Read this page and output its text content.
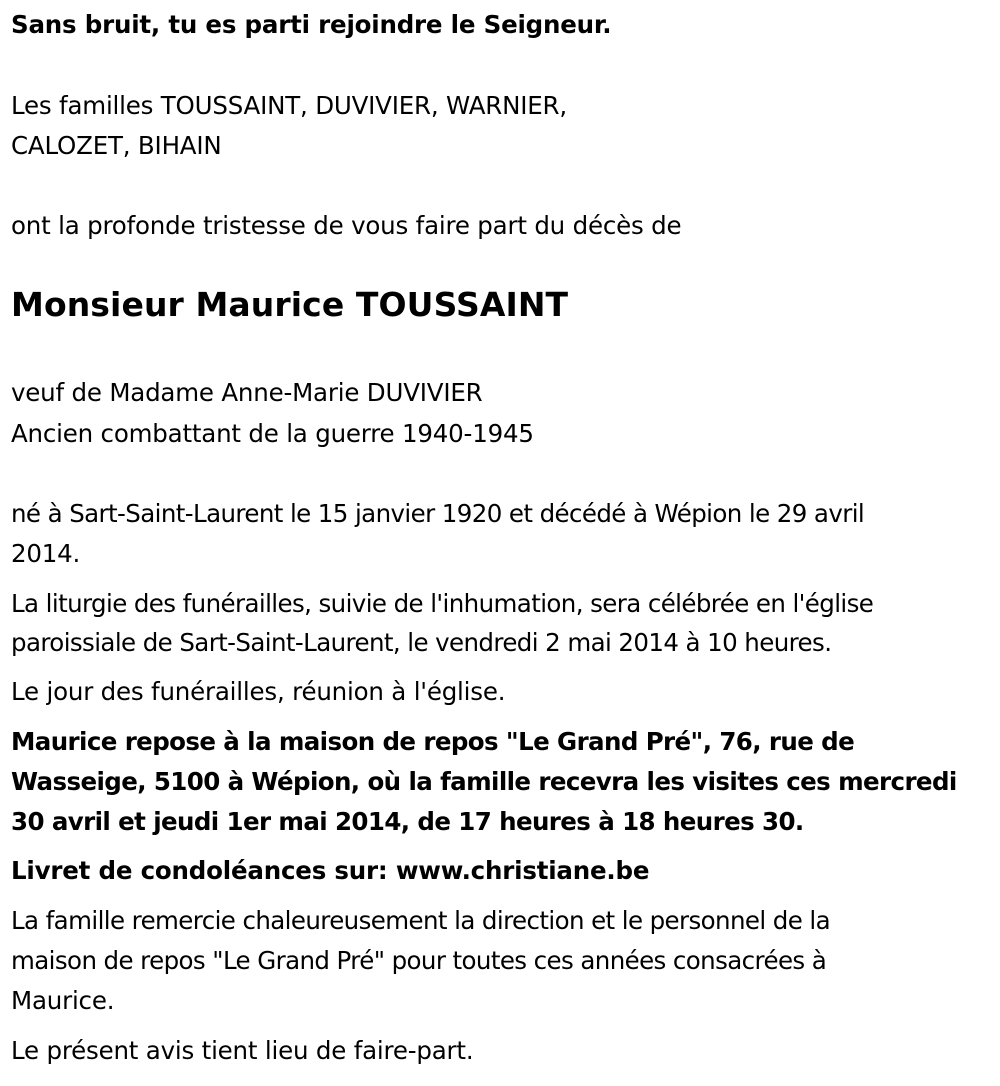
Sans bruit, tu es parti rejoindre le Seigneur.
Les familles TOUSSAINT, DUVIVIER, WARNIER,
CALOZET, BIHAIN
ont la profonde tristesse de vous faire part du décès de
Monsieur Maurice TOUSSAINT
veuf de Madame Anne-Marie DUVIVIER
Ancien combattant de la guerre 1940-1945
né à Sart-Saint-Laurent le 15 janvier 1920 et décédé à Wépion le 29 avril
2014.
La liturgie des funérailles, suivie de l'inhumation, sera célébrée en l'église
paroissiale de Sart-Saint-Laurent, le vendredi 2 mai 2014 à 10 heures.
Le jour des funérailles, réunion à l'église.
Maurice repose à la maison de repos "Le Grand Pré", 76, rue de
Wasseige, 5100 à Wépion, où la famille recevra les visites ces mercredi
30 avril et jeudi 1er mai 2014, de 17 heures à 18 heures 30.
Livret de condoléances sur: www.christiane.be
La famille remercie chaleureusement la direction et le personnel de la
maison de repos "Le Grand Pré" pour toutes ces années consacrées à
Maurice.
Le présent avis tient lieu de faire-part.
